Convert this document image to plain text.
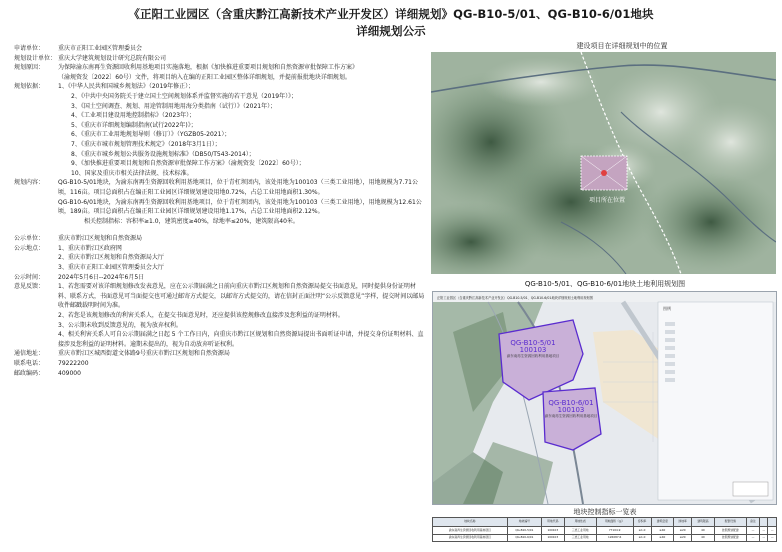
《正阳工业园区（含重庆黔江高新技术产业开发区）详细规划》QG-B10-5/01、QG-B10-6/01地块
详细规划公示
申请单位：	重庆市正阳工业园区管理委员会
规划设计单位： 重庆大学建筑规划设计研究总院有限公司
规划原因：	为保障渝东南再生资源回收利用基地项目实施落地，根据《加快推进重要项目规划和自然资源审批保障工作方案》
（渝规资发〔2022〕60号）文件，将项目纳入在编的正阳工业园区整体详细规划，并提前报批地块详细规划。
规划依据：	1、《中华人民共和国城乡规划法》（2019年修正）；
2、《中共中央国务院关于建立国土空间规划体系并监督实施的若干意见（2019年）》；
3、《国土空间调查、规划、用途管制用地用海分类指南（试行）》（2021年）；
4、《工业项目建设用地控制指标》（2023年）；
5、《重庆市详细规划编制指南(试行2022年)》；
6、《重庆市工业用地规划导则（修订）》（YGZB05-2021）；
7、《重庆市城市规划管理技术规定》（2018年3月1日）；
8、《重庆市城乡规划公共服务设施规划标准》（DB50/T543-2014）；
9、《加快推进重要项目规划和自然资源审批保障工作方案》（渝规资发〔2022〕60号）；
10、国家及重庆市相关法律法规、技术标准。
规划内容：	QG-B10-5/01地块，为渝东南再生资源回收利用基地项目，位于青杠坝团内，该处用地为100103（三类工业用地），用地规模为7.71公顷，116亩。项目总面积占在编正阳工业园区详细规划建设用地0.72%，占总工业用地面积1.30%。
QG-B10-6/01地块，为渝东南再生资源回收利用基地项目，位于青杠坝团内，该处用地为100103（三类工业用地），用地规模为12.61公顷，189亩。项目总面积占在编正阳工业园区详细规划建设用地1.17%，占总工业用地面积2.12%。
相关控制指标：容积率≥1.0，建筑密度≥40%，绿地率≤20%，建筑限高40米。
公示单位：	重庆市黔江区规划和自然资源局
公示地点：	1、重庆市黔江区政府网
2、重庆市黔江区规划和自然资源局大厅
3、重庆市正阳工业园区管理委员会大厅
公示时间：	2024年5月6日--2024年6月5日
意见反馈：	1、若您需要对该详细规划修改发表意见，应在公示期届满之日前向重庆市黔江区规划和自然资源局提交书面意见，同时提供身份证明材料、联系方式，书面意见可当面提交也可通过邮寄方式提交，以邮寄方式提交的，请在信封正面注明“公示反馈意见”字样，提交时间以邮局收件邮戳载明时间为准。
2、若您是该规划修改的利害关系人，在提交书面意见时，还应提供该控规修改直接涉及您利益的证明材料。
3、公示期未收到反馈意见的，视为放弃权利。
4、相关利害关系人可自公示期届满之日起 5 个工作日内，向重庆市黔江区规划和自然资源局提出书面听证申请，并提交身份证明材料、直接涉及您利益的证明材料。逾期未提出的，视为自动放弃听证权利。
通信地址：	重庆市黔江区城西街道文体路9号重庆市黔江区规划和自然资源局
联系电话：	79222200
邮政编码：	409000
建设项目在详细规划中的位置
项目所在位置
QG-B10-5/01、QG-B10-6/01地块土地利用规划图
正阳工业园区（含重庆黔江高新技术产业开发区）QG-B10-5/01、QG-B10-6/01地块详细规划土地利用规划图
QG-B10-5/01
100103
渝东南再生资源回收利用基地项目
QG-B10-6/01
100103
渝东南再生资源回收利用基地项目
图例
地块控制指标一览表
地块名称	地块编号	用地代码	用地性质	用地面积（㎡）	容积率	建筑密度	绿地率	建筑限高	配套设施	备注		
渝东南再生资源回收利用基地项目	QG-B10-5/01	100103	三类工业用地	77104.9	≥1.0	≥40	≤20	40	按照规划配建	—	—	—
渝东南再生资源回收利用基地项目	QG-B10-6/01	100103	三类工业用地	126087.6	≥1.0	≥40	≤20	40	按照规划配建	—	—	—
